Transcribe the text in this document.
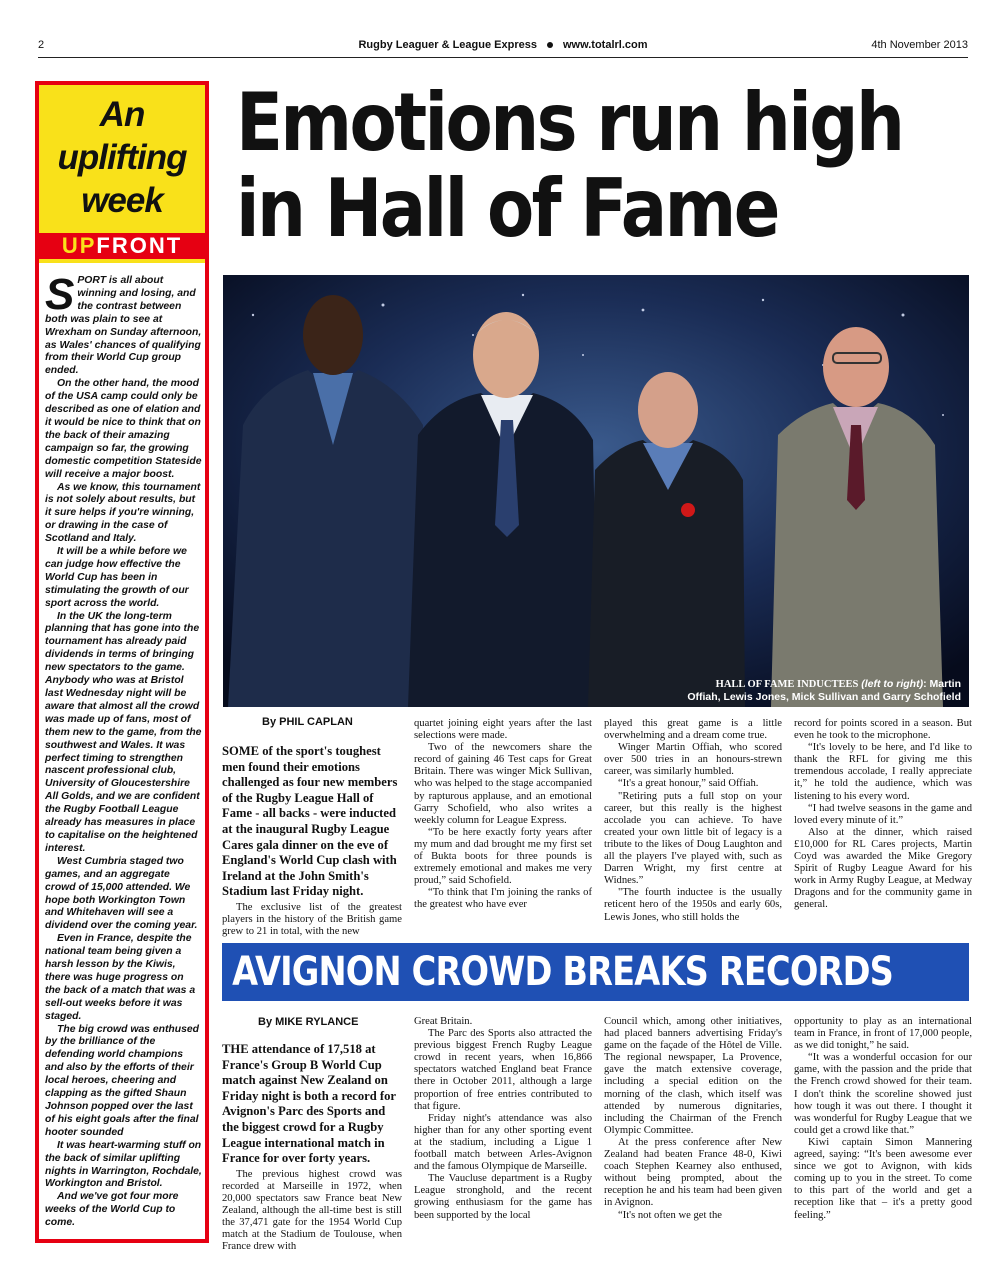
2	Rugby Leaguer & League Express www.totalrl.com	4th November 2013
An uplifting week
UPFRONT

SPORT is all about winning and losing, and the contrast between both was plain to see at Wrexham on Sunday afternoon, as Wales' chances of qualifying from their World Cup group ended.

On the other hand, the mood of the USA camp could only be described as one of elation and it would be nice to think that on the back of their amazing campaign so far, the growing domestic competition Stateside will receive a major boost.

As we know, this tournament is not solely about results, but it sure helps if you're winning, or drawing in the case of Scotland and Italy.

It will be a while before we can judge how effective the World Cup has been in stimulating the growth of our sport across the world.

In the UK the long-term planning that has gone into the tournament has already paid dividends in terms of bringing new spectators to the game. Anybody who was at Bristol last Wednesday night will be aware that almost all the crowd was made up of fans, most of them new to the game, from the southwest and Wales. It was perfect timing to strengthen nascent professional club, University of Gloucestershire All Golds, and we are confident the Rugby Football League already has measures in place to capitalise on the heightened interest.

West Cumbria staged two games, and an aggregate crowd of 15,000 attended. We hope both Workington Town and Whitehaven will see a dividend over the coming year.

Even in France, despite the national team being given a harsh lesson by the Kiwis, there was huge progress on the back of a match that was a sell-out weeks before it was staged.

The big crowd was enthused by the brilliance of the defending world champions and also by the efforts of their local heroes, cheering and clapping as the gifted Shaun Johnson popped over the last of his eight goals after the final hooter sounded

It was heart-warming stuff on the back of similar uplifting nights in Warrington, Rochdale, Workington and Bristol.

And we've got four more weeks of the World Cup to come.

Emotions run high
in Hall of Fame
HALL OF FAME INDUCTEES (left to right): Martin
Offiah, Lewis Jones, Mick Sullivan and Garry Schofield
By PHIL CAPLAN

SOME of the sport's toughest men found their emotions challenged as four new members of the Rugby League Hall of Fame - all backs - were inducted at the inaugural Rugby League Cares gala dinner on the eve of England's World Cup clash with Ireland at the John Smith's Stadium last Friday night.

The exclusive list of the greatest players in the history of the British game grew to 21 in total, with the new

quartet joining eight years after the last selections were made.

Two of the newcomers share the record of gaining 46 Test caps for Great Britain. There was winger Mick Sullivan, who was helped to the stage accompanied by rapturous applause, and an emotional Garry Schofield, who also writes a weekly column for League Express.

“To be here exactly forty years after my mum and dad brought me my first set of Bukta boots for three pounds is extremely emotional and makes me very proud,” said Schofield.

“To think that I'm joining the ranks of the greatest who have ever

played this great game is a little overwhelming and a dream come true.

Winger Martin Offiah, who scored over 500 tries in an honours-strewn career, was similarly humbled.

“It's a great honour,” said Offiah.

"Retiring puts a full stop on your career, but this really is the highest accolade you can achieve. To have created your own little bit of legacy is a tribute to the likes of Doug Laughton and all the players I've played with, such as Darren Wright, my first centre at Widnes.”

"The fourth inductee is the usually reticent hero of the 1950s and early 60s, Lewis Jones, who still holds the

record for points scored in a season. But even he took to the microphone.

“It's lovely to be here, and I'd like to thank the RFL for giving me this tremendous accolade, I really appreciate it,” he told the audience, which was listening to his every word.

“I had twelve seasons in the game and loved every minute of it.”

Also at the dinner, which raised £10,000 for RL Cares projects, Martin Coyd was awarded the Mike Gregory Spirit of Rugby League Award for his work in Army Rugby League, at Medway Dragons and for the community game in general.

AVIGNON CROWD BREAKS RECORDS
By MIKE RYLANCE

THE attendance of 17,518 at France's Group B World Cup match against New Zealand on Friday night is both a record for Avignon's Parc des Sports and the biggest crowd for a Rugby League international match in France for over forty years.

The previous highest crowd was recorded at Marseille in 1972, when 20,000 spectators saw France beat New Zealand, although the all-time best is still the 37,471 gate for the 1954 World Cup match at the Stadium de Toulouse, when France drew with

Great Britain.

The Parc des Sports also attracted the previous biggest French Rugby League crowd in recent years, when 16,866 spectators watched England beat France there in October 2011, although a large proportion of free entries contributed to that figure.

Friday night's attendance was also higher than for any other sporting event at the stadium, including a Ligue 1 football match between Arles-Avignon and the famous Olympique de Marseille.

The Vaucluse department is a Rugby League stronghold, and the recent growing enthusiasm for the game has been supported by the local

Council which, among other initiatives, had placed banners advertising Friday's game on the façade of the Hôtel de Ville. The regional newspaper, La Provence, gave the match extensive coverage, including a special edition on the morning of the clash, which itself was attended by numerous dignitaries, including the Chairman of the French Olympic Committee.

At the press conference after New Zealand had beaten France 48-0, Kiwi coach Stephen Kearney also enthused, without being prompted, about the reception he and his team had been given in Avignon.

“It's not often we get the

opportunity to play as an international team in France, in front of 17,000 people, as we did tonight,” he said.

“It was a wonderful occasion for our game, with the passion and the pride that the French crowd showed for their team. I don't think the scoreline showed just how tough it was out there. I thought it was wonderful for Rugby League that we could get a crowd like that.”

Kiwi captain Simon Mannering agreed, saying: “It's been awesome ever since we got to Avignon, with kids coming up to you in the street. To come to this part of the world and get a reception like that – it's a pretty good feeling.”
